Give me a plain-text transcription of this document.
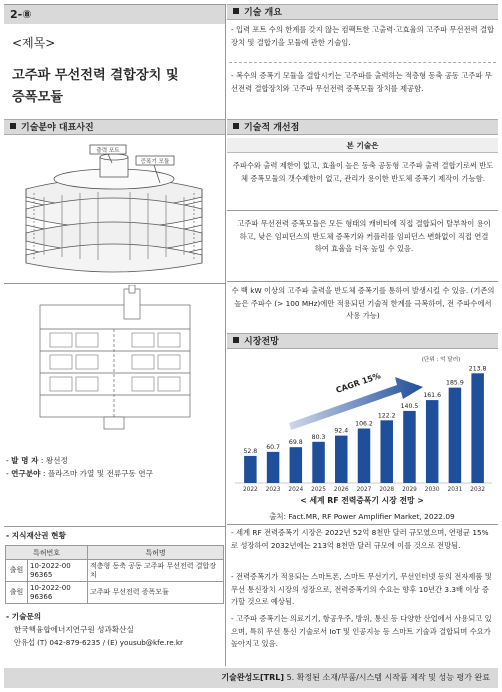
2-⑧
<제목>
고주파 무선전력 결합장치 및
증폭모듈
기술 개요
- 입력 포트 수의 한계를 갖지 않는 컴팩트한 고출력·고효율의 고주파 무선전력 결합장치 및 결합기을 모듈에 관한 기술임.
- 복수의 증폭기 모듈을 결합시키는 고주파를 출력하는 적층형 동축 공동 고주파 무선전력 결합장치와 고주파 무선전력 증폭모듈 장치를 제공함.
기술분야 대표사진	기술적 개선점
본 기술은
주파수와 출력 제한이 없고, 효율이 높은 동축 공동형 고주파 출력 결합기로써 반도체 증폭모듈의 갯수제한이 없고, 관리가 용이한 반도체 증폭기 제작이 가능함.
고주파 무선전력 증폭모듈은 모든 형태의 캐비티에 직접 결합되어 탈부착이 용이하고, 낮은 임피던스의 반도체 증폭기와 커플러를 임피던스 변화없이 직접 연결하여 효율을 더욱 높일 수 있음.
수 백 kW 이상의 고주파 출력을 반도체 증폭기를 통하여 발생시킬 수 있음. (기존의 높은 주파수 (> 100 MHz)에만 적용되던 기술적 한계를 극복하여, 전 주파수에서 사용 가능)
출력 포트
증폭기 모듈
- 발 명 자 : 왕선정
- 연구분야 : 플라즈마 가열 및 전류구동 연구
시장전망
(단위 : 억 달러)
CAGR 15%
52.8
2022
60.7
2023
69.8
2024
80.3
2025
92.4
2026
106.2
2027
122.2
2028
140.5
2029
161.6
2030
185.9
2031
213.8
2032
< 세계 RF 전력증폭기 시장 전망 >
출처: Fact.MR, RF Power Amplifier Market, 2022.09
- 세계 RF 전력증폭기 시장은 2022년 52억 8천만 달러 규모였으며, 연평균 15%로 성장하여 2032년에는 213억 8천만 달러 규모에 이를 것으로 전망됨.
- 전력증폭기가 적용되는 스마트폰, 스마트 무선기기, 무선인터넷 등의 전자제품 및 무선 통신장치 시장의 성장으로, 전력증폭기의 수요는 향후 10년간 3.3배 이상 증가할 것으로 예상됨.
- 고주파 증폭기는 의료기기, 항공우주, 방위, 통신 등 다양한 산업에서 사용되고 있으며, 특히 무선 통신 기술로서 IoT 및 인공지능 등 스마트 기술과 결합되며 수요가 높아지고 있음.
- 지식재산권 현황
특허번호		특허명
출원	10-2022-00 96365	적층형 동축 공동 고주파 무선전력 결합장치
출원	10-2022-00 96366	고주파 무선전력 증폭모듈
- 기술문의
한국핵융합에너지연구원 성과확산실
안유섭 (T) 042-879-6235 / (E) yousub@kfe.re.kr
기술완성도[TRL] 5. 확정된 소재/부품/시스템 시작품 제작 및 성능 평가 완료
